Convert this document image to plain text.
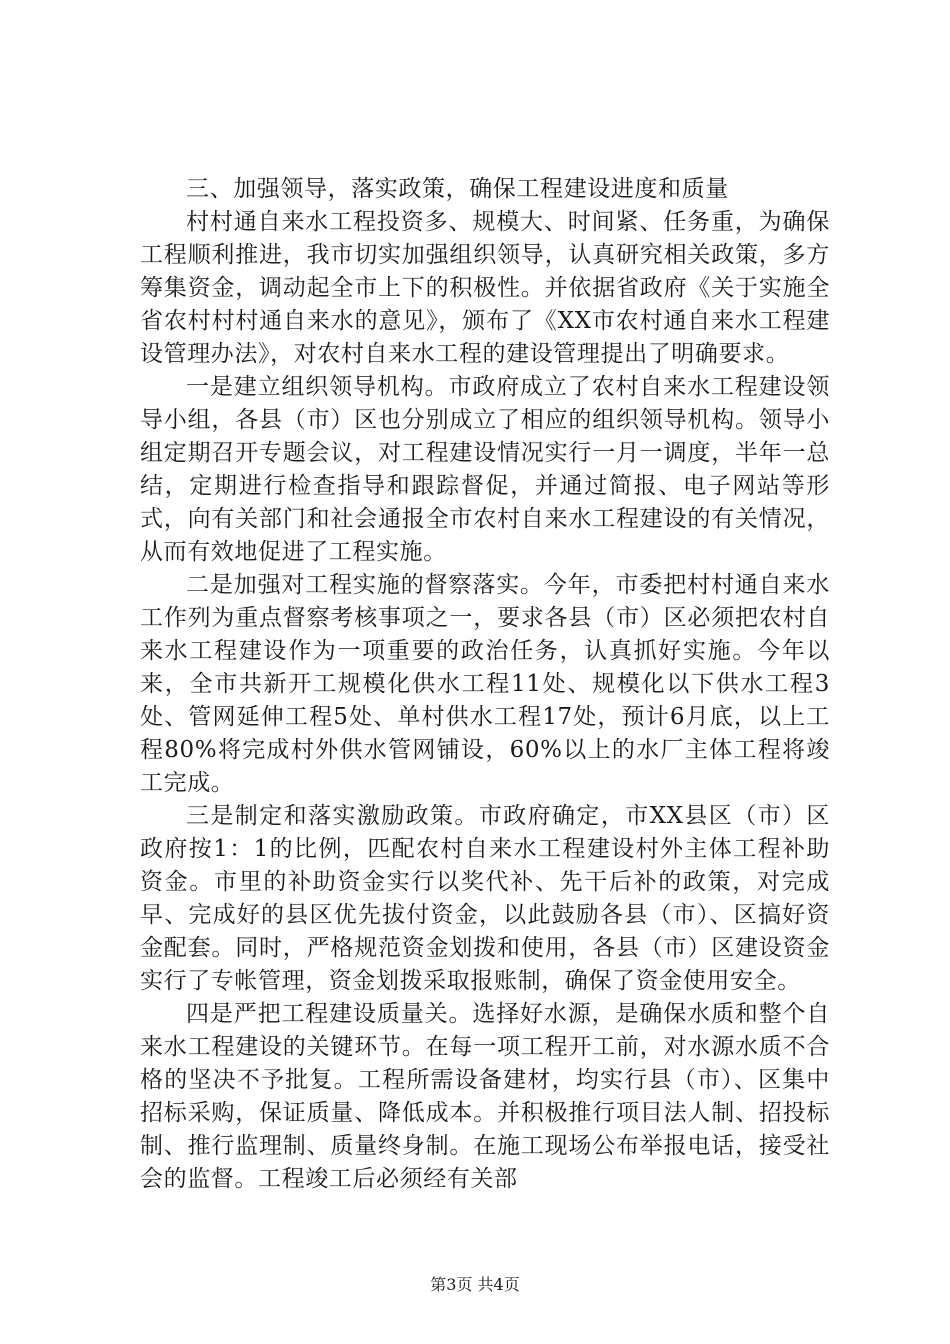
三、加强领导，落实政策，确保工程建设进度和质量

村村通自来水工程投资多、规模大、时间紧、任务重，为确保工程顺利推进，我市切实加强组织领导，认真研究相关政策，多方筹集资金，调动起全市上下的积极性。并依据省政府《关于实施全省农村村村通自来水的意见》，颁布了《XX市农村通自来水工程建设管理办法》，对农村自来水工程的建设管理提出了明确要求。

一是建立组织领导机构。市政府成立了农村自来水工程建设领导小组，各县（市）区也分别成立了相应的组织领导机构。领导小组定期召开专题会议，对工程建设情况实行一月一调度，半年一总结，定期进行检查指导和跟踪督促，并通过简报、电子网站等形式，向有关部门和社会通报全市农村自来水工程建设的有关情况，从而有效地促进了工程实施。

二是加强对工程实施的督察落实。今年，市委把村村通自来水工作列为重点督察考核事项之一，要求各县（市）区必须把农村自来水工程建设作为一项重要的政治任务，认真抓好实施。今年以来，全市共新开工规模化供水工程11处、规模化以下供水工程3处、管网延伸工程5处、单村供水工程17处，预计6月底，以上工程80%将完成村外供水管网铺设，60%以上的水厂主体工程将竣工完成。

三是制定和落实激励政策。市政府确定，市XX县区（市）区政府按1：1的比例，匹配农村自来水工程建设村外主体工程补助资金。市里的补助资金实行以奖代补、先干后补的政策，对完成早、完成好的县区优先拔付资金，以此鼓励各县（市）、区搞好资金配套。同时，严格规范资金划拨和使用，各县（市）区建设资金实行了专帐管理，资金划拨采取报账制，确保了资金使用安全。

四是严把工程建设质量关。选择好水源，是确保水质和整个自来水工程建设的关键环节。在每一项工程开工前，对水源水质不合格的坚决不予批复。工程所需设备建材，均实行县（市）、区集中招标采购，保证质量、降低成本。并积极推行项目法人制、招投标制、推行监理制、质量终身制。在施工现场公布举报电话，接受社会的监督。工程竣工后必须经有关部

第3页 共4页
